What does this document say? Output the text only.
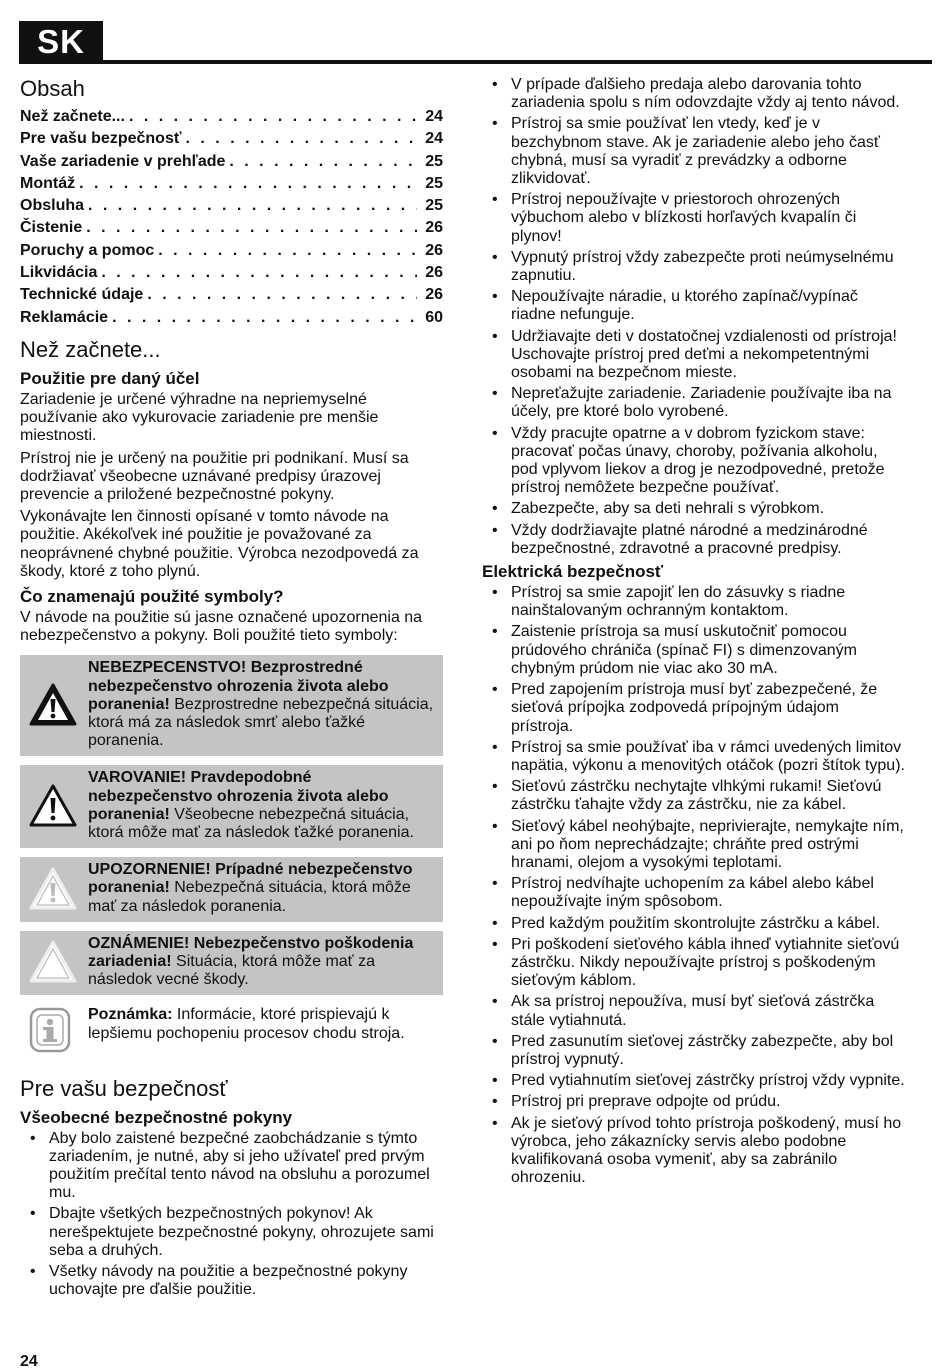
SK
Obsah
Než začnete... . . .	24
Pre vašu bezpečnosť . . .	24
Vaše zariadenie v prehľade . . .	25
Montáž . . .	25
Obsluha . . .	25
Čistenie . . .	26
Poruchy a pomoc . . .	26
Likvidácia . . .	26
Technické údaje . . .	26
Reklamácie . . .	60
Než začnete...
Použitie pre daný účel

Zariadenie je určené výhradne na nepriemyselné používanie ako vykurovacie zariadenie pre menšie miestnosti.

Prístroj nie je určený na použitie pri podnikaní. Musí sa dodržiavať všeobecne uznávané predpisy úrazovej prevencie a priložené bezpečnostné pokyny.

Vykonávajte len činnosti opísané v tomto návode na použitie. Akékoľvek iné použitie je považované za neoprávnené chybné použitie. Výrobca nezodpovedá za škody, ktoré z toho plynú.

Čo znamenajú použité symboly?

V návode na použitie sú jasne označené upozornenia na nebezpečenstvo a pokyny. Boli použité tieto symboly:

NEBEZPECENSTVO! Bezprostredné nebezpečenstvo ohrozenia života alebo poranenia! Bezprostredne nebezpečná situácia, ktorá má za následok smrť alebo ťažké poranenia.
VAROVANIE! Pravdepodobné nebezpečenstvo ohrozenia života alebo poranenia! Všeobecne nebezpečná situácia, ktorá môže mať za následok ťažké poranenia.
UPOZORNENIE! Prípadné nebezpečenstvo poranenia! Nebezpečná situácia, ktorá môže mať za následok poranenia.
OZNÁMENIE! Nebezpečenstvo poškodenia zariadenia! Situácia, ktorá môže mať za následok vecné škody.
Poznámka: Informácie, ktoré prispievajú k lepšiemu pochopeniu procesov chodu stroja.
Pre vašu bezpečnosť
Všeobecné bezpečnostné pokyny
• Aby bolo zaistené bezpečné zaobchádzanie s týmto zariadením, je nutné, aby si jeho užívateľ pred prvým použitím prečítal tento návod na obsluhu a porozumel mu.
• Dbajte všetkých bezpečnostných pokynov! Ak nerešpektujete bezpečnostné pokyny, ohrozujete sami seba a druhých.
• Všetky návody na použitie a bezpečnostné pokyny uchovajte pre ďalšie použitie.
• V prípade ďalšieho predaja alebo darovania tohto zariadenia spolu s ním odovzdajte vždy aj tento návod.
• Prístroj sa smie používať len vtedy, keď je v bezchybnom stave. Ak je zariadenie alebo jeho časť chybná, musí sa vyradiť z prevádzky a odborne zlikvidovať.
• Prístroj nepoužívajte v priestoroch ohrozených výbuchom alebo v blízkosti horľavých kvapalín či plynov!
• Vypnutý prístroj vždy zabezpečte proti neúmyselnému zapnutiu.
• Nepoužívajte náradie, u ktorého zapínač/vypínač riadne nefunguje.
• Udržiavajte deti v dostatočnej vzdialenosti od prístroja! Uschovajte prístroj pred deťmi a nekompetentnými osobami na bezpečnom mieste.
• Nepreťažujte zariadenie. Zariadenie používajte iba na účely, pre ktoré bolo vyrobené.
• Vždy pracujte opatrne a v dobrom fyzickom stave: pracovať počas únavy, choroby, požívania alkoholu, pod vplyvom liekov a drog je nezodpovedné, pretože prístroj nemôžete bezpečne používať.
• Zabezpečte, aby sa deti nehrali s výrobkom.
• Vždy dodržiavajte platné národné a medzinárodné bezpečnostné, zdravotné a pracovné predpisy.
Elektrická bezpečnosť
• Prístroj sa smie zapojiť len do zásuvky s riadne nainštalovaným ochranným kontaktom.
• Zaistenie prístroja sa musí uskutočniť pomocou prúdového chrániča (spínač FI) s dimenzovaným chybným prúdom nie viac ako 30 mA.
• Pred zapojením prístroja musí byť zabezpečené, že sieťová prípojka zodpovedá prípojným údajom prístroja.
• Prístroj sa smie používať iba v rámci uvedených limitov napätia, výkonu a menovitých otáčok (pozri štítok typu).
• Sieťovú zástrčku nechytajte vlhkými rukami! Sieťovú zástrčku ťahajte vždy za zástrčku, nie za kábel.
• Sieťový kábel neohýbajte, neprivierajte, nemykajte ním, ani po ňom neprechádzajte; chráňte pred ostrými hranami, olejom a vysokými teplotami.
• Prístroj nedvíhajte uchopením za kábel alebo kábel nepoužívajte iným spôsobom.
• Pred každým použitím skontrolujte zástrčku a kábel.
• Pri poškodení sieťového kábla ihneď vytiahnite sieťovú zástrčku. Nikdy nepoužívajte prístroj s poškodeným sieťovým káblom.
• Ak sa prístroj nepoužíva, musí byť sieťová zástrčka stále vytiahnutá.
• Pred zasunutím sieťovej zástrčky zabezpečte, aby bol prístroj vypnutý.
• Pred vytiahnutím sieťovej zástrčky prístroj vždy vypnite.
• Prístroj pri preprave odpojte od prúdu.
• Ak je sieťový prívod tohto prístroja poškodený, musí ho výrobca, jeho zákaznícky servis alebo podobne kvalifikovaná osoba vymeniť, aby sa zabránilo ohrozeniu.
24
